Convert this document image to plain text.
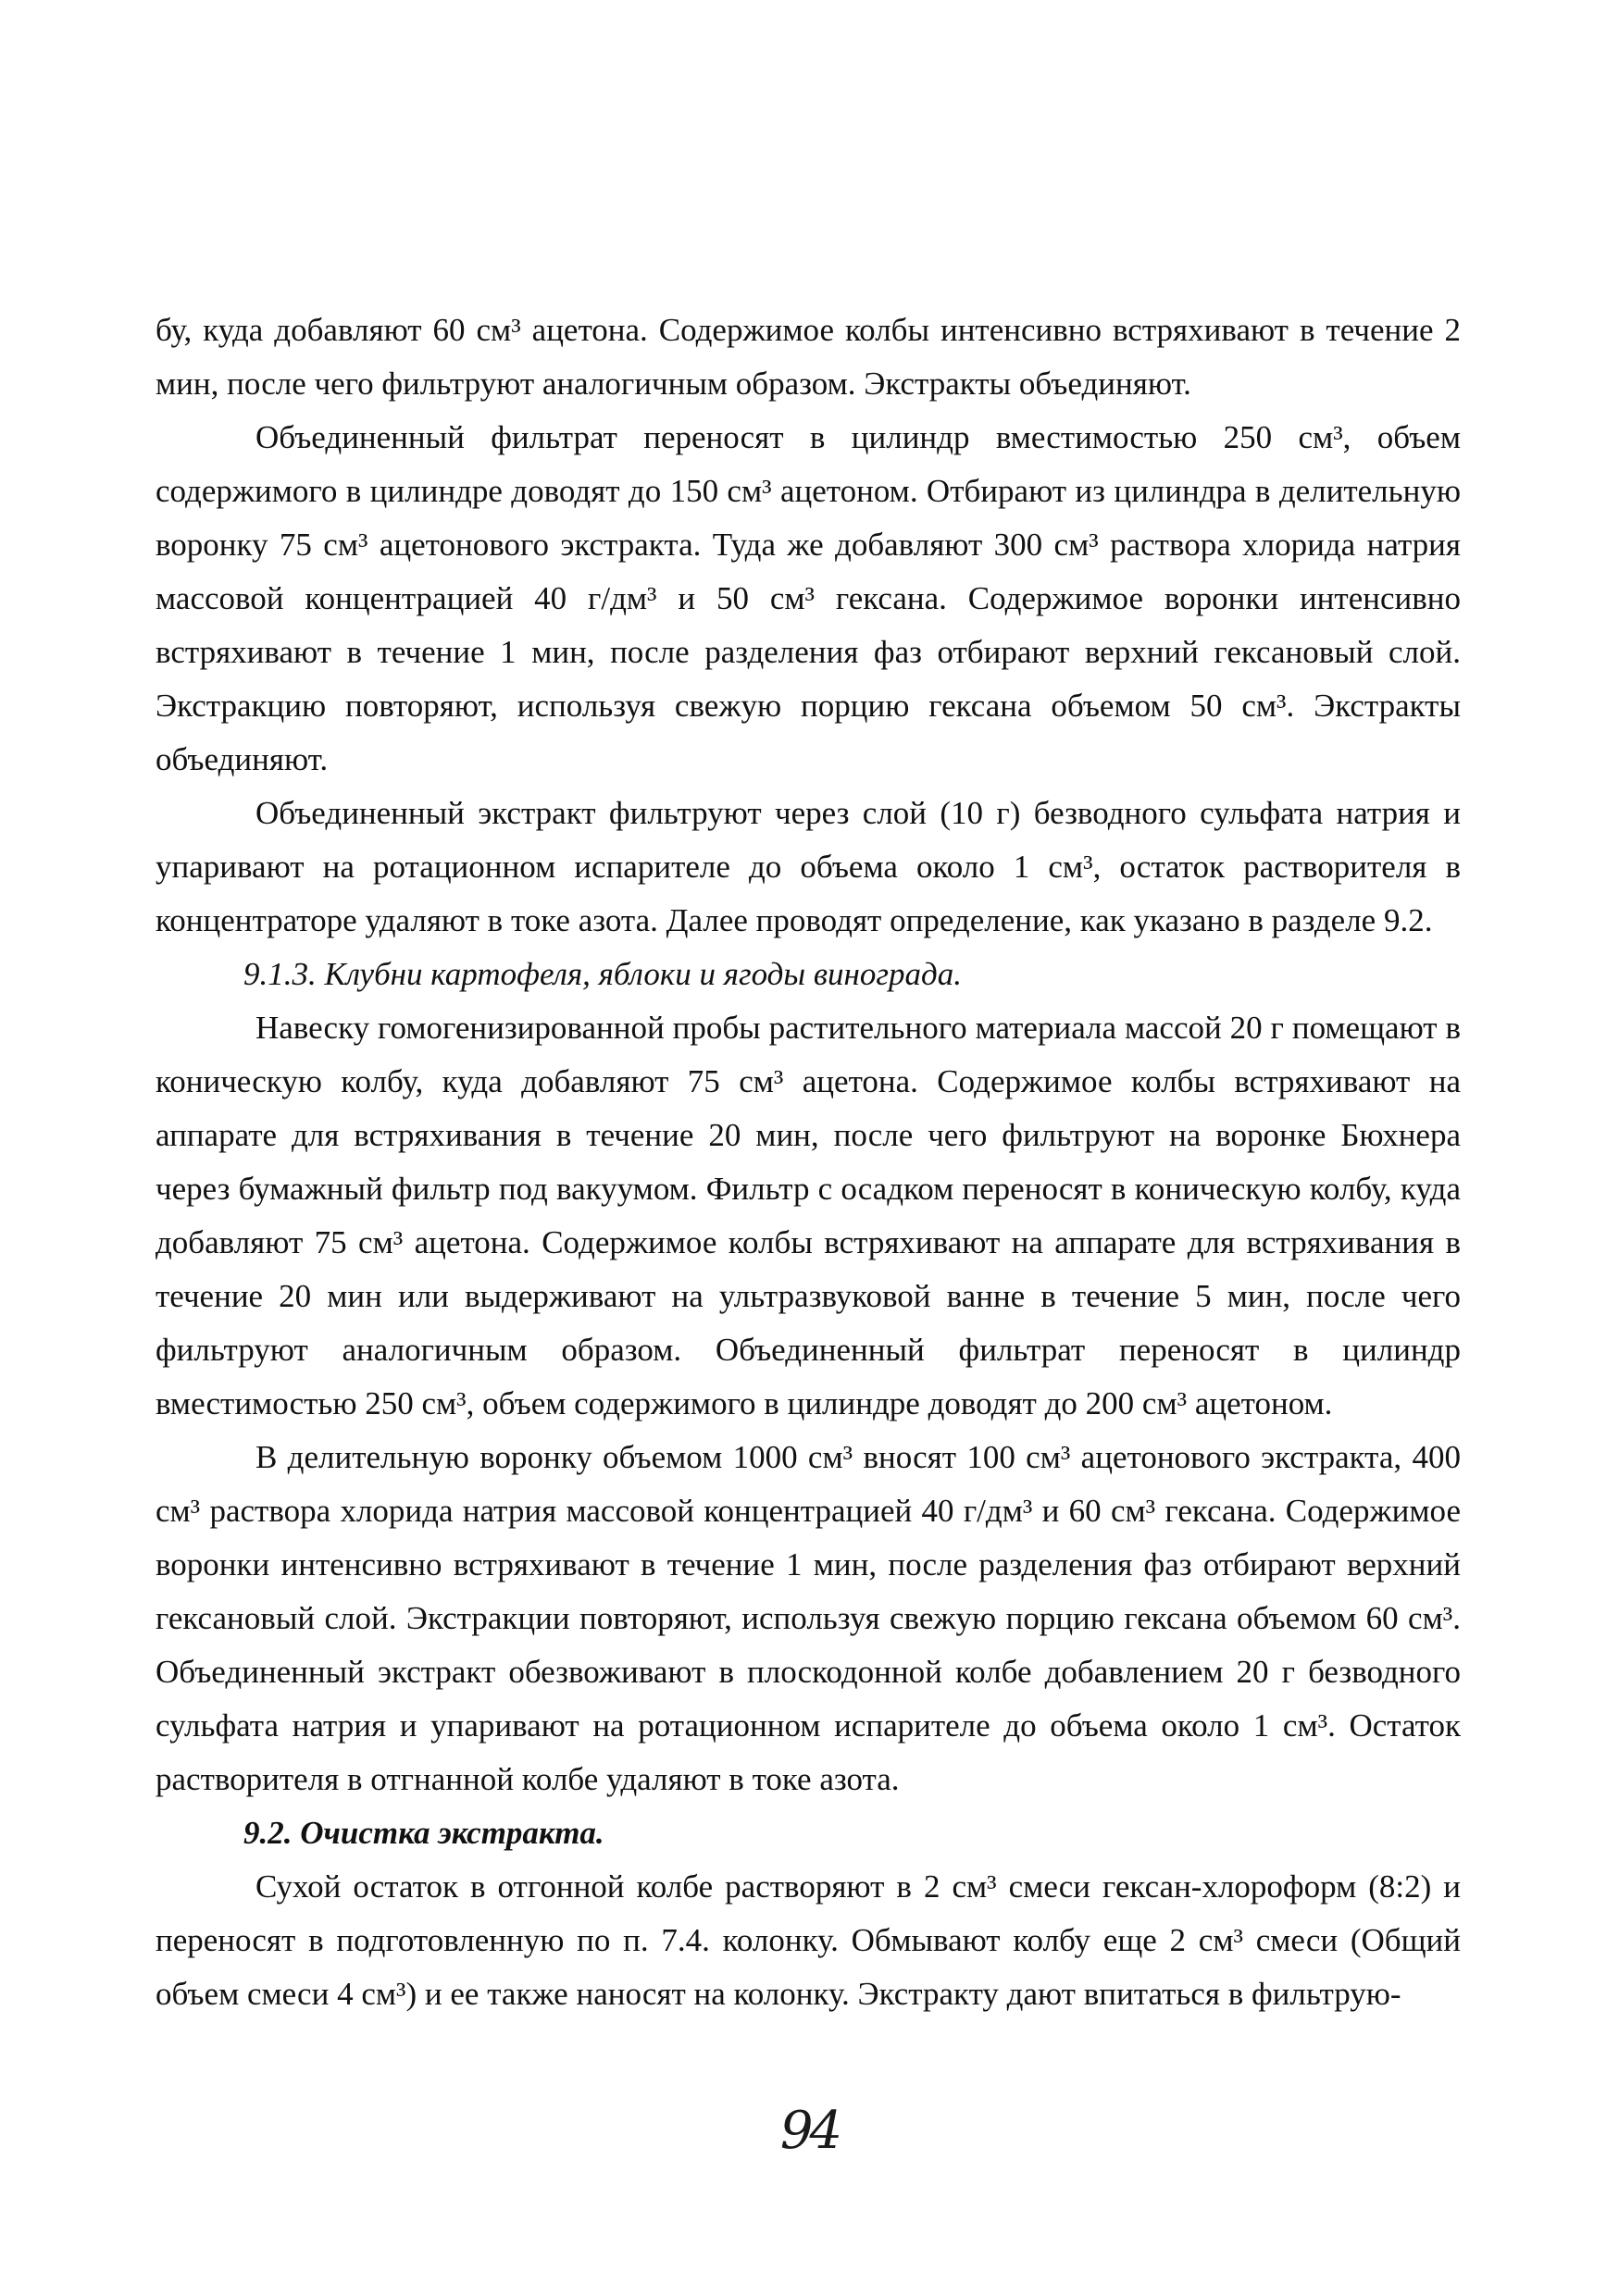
бу, куда добавляют 60 см³ ацетона. Содержимое колбы интенсивно встряхивают в течение 2 мин, после чего фильтруют аналогичным образом. Экстракты объединяют.

Объединенный фильтрат переносят в цилиндр вместимостью 250 см³, объем содержимого в цилиндре доводят до 150 см³ ацетоном. Отбирают из цилиндра в делительную воронку 75 см³ ацетонового экстракта. Туда же добавляют 300 см³ раствора хлорида натрия массовой концентрацией 40 г/дм³ и 50 см³ гексана. Содержимое воронки интенсивно встряхивают в течение 1 мин, после разделения фаз отбирают верхний гексановый слой. Экстракцию повторяют, используя свежую порцию гексана объемом 50 см³. Экстракты объединяют.

Объединенный экстракт фильтруют через слой (10 г) безводного сульфата натрия и упаривают на ротационном испарителе до объема около 1 см³, остаток растворителя в концентраторе удаляют в токе азота. Далее проводят определение, как указано в разделе 9.2.

9.1.3. Клубни картофеля, яблоки и ягоды винограда.

Навеску гомогенизированной пробы растительного материала массой 20 г помещают в коническую колбу, куда добавляют 75 см³ ацетона. Содержимое колбы встряхивают на аппарате для встряхивания в течение 20 мин, после чего фильтруют на воронке Бюхнера через бумажный фильтр под вакуумом. Фильтр с осадком переносят в коническую колбу, куда добавляют 75 см³ ацетона. Содержимое колбы встряхивают на аппарате для встряхивания в течение 20 мин или выдерживают на ультразвуковой ванне в течение 5 мин, после чего фильтруют аналогичным образом. Объединенный фильтрат переносят в цилиндр вместимостью 250 см³, объем содержимого в цилиндре доводят до 200 см³ ацетоном.

В делительную воронку объемом 1000 см³ вносят 100 см³ ацетонового экстракта, 400 см³ раствора хлорида натрия массовой концентрацией 40 г/дм³ и 60 см³ гексана. Содержимое воронки интенсивно встряхивают в течение 1 мин, после разделения фаз отбирают верхний гексановый слой. Экстракции повторяют, используя свежую порцию гексана объемом 60 см³. Объединенный экстракт обезвоживают в плоскодонной колбе добавлением 20 г безводного сульфата натрия и упаривают на ротационном испарителе до объема около 1 см³. Остаток растворителя в отгнанной колбе удаляют в токе азота.

9.2. Очистка экстракта.

Сухой остаток в отгонной колбе растворяют в 2 см³ смеси гексан-хлороформ (8:2) и переносят в подготовленную по п. 7.4. колонку. Обмывают колбу еще 2 см³ смеси (Общий объем смеси 4 см³) и ее также наносят на колонку. Экстракту дают впитаться в фильтрую-

94
